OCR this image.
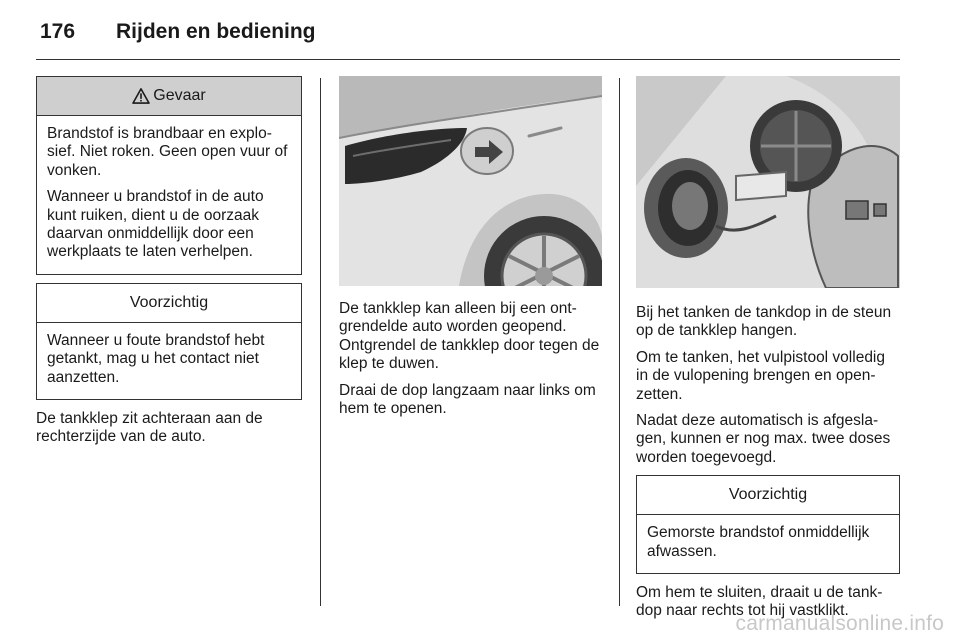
176 Rijden en bediening
Gevaar

Brandstof is brandbaar en explo-sief. Niet roken. Geen open vuur of vonken.

Wanneer u brandstof in de auto kunt ruiken, dient u de oorzaak daarvan onmiddellijk door een werkplaats te laten verhelpen.

Voorzichtig

Wanneer u foute brandstof hebt getankt, mag u het contact niet aanzetten.

De tankklep zit achteraan aan de rechterzijde van de auto.

De tankklep kan alleen bij een ont-grendelde auto worden geopend. Ontgrendel de tankklep door tegen de klep te duwen.

Draai de dop langzaam naar links om hem te openen.

Bij het tanken de tankdop in de steun op de tankklep hangen.

Om te tanken, het vulpistool volledig in de vulopening brengen en open-zetten.

Nadat deze automatisch is afgesla-gen, kunnen er nog max. twee doses worden toegevoegd.

Voorzichtig

Gemorste brandstof onmiddellijk afwassen.

Om hem te sluiten, draait u de tank-dop naar rechts tot hij vastklikt.

carmanualsonline.info
